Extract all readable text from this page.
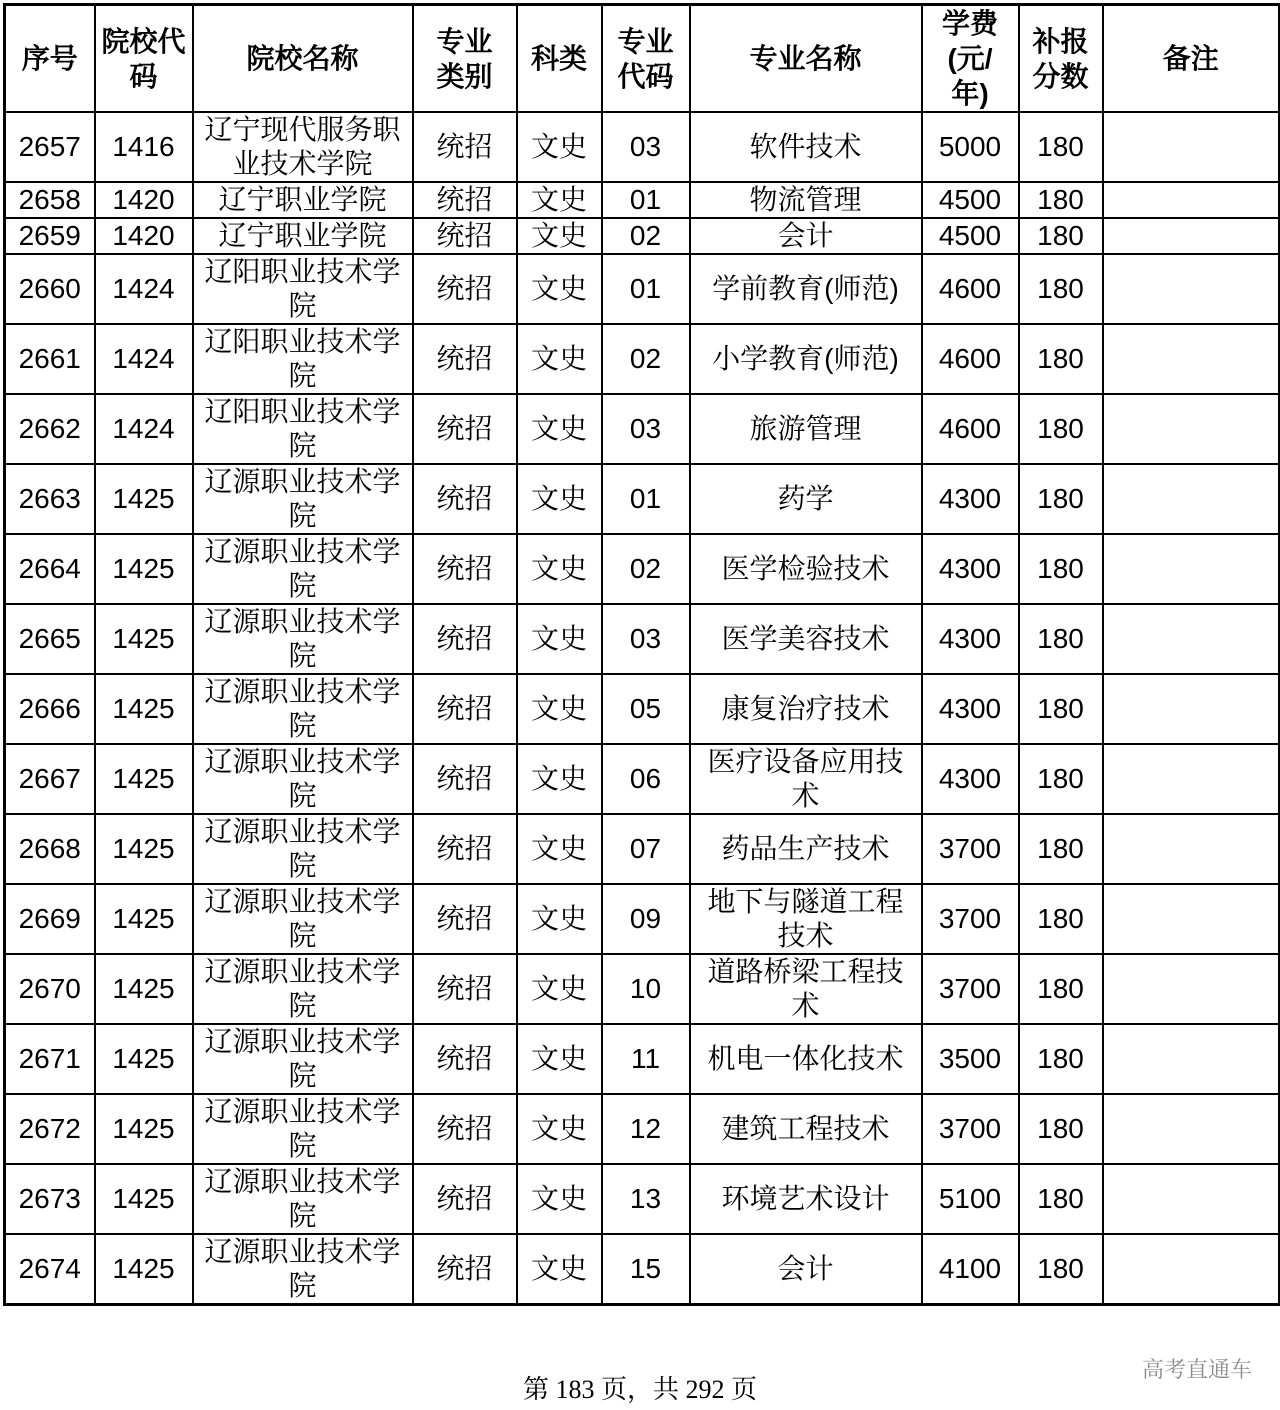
序号	院校代码	院校名称	专业类别	科类	专业代码	专业名称	学费(元/年)	补报分数	备注
2657	1416	辽宁现代服务职业技术学院	统招	文史	03	软件技术	5000	180	
2658	1420	辽宁职业学院	统招	文史	01	物流管理	4500	180	
2659	1420	辽宁职业学院	统招	文史	02	会计	4500	180	
2660	1424	辽阳职业技术学院	统招	文史	01	学前教育(师范)	4600	180	
2661	1424	辽阳职业技术学院	统招	文史	02	小学教育(师范)	4600	180	
2662	1424	辽阳职业技术学院	统招	文史	03	旅游管理	4600	180	
2663	1425	辽源职业技术学院	统招	文史	01	药学	4300	180	
2664	1425	辽源职业技术学院	统招	文史	02	医学检验技术	4300	180	
2665	1425	辽源职业技术学院	统招	文史	03	医学美容技术	4300	180	
2666	1425	辽源职业技术学院	统招	文史	05	康复治疗技术	4300	180	
2667	1425	辽源职业技术学院	统招	文史	06	医疗设备应用技术	4300	180	
2668	1425	辽源职业技术学院	统招	文史	07	药品生产技术	3700	180	
2669	1425	辽源职业技术学院	统招	文史	09	地下与隧道工程技术	3700	180	
2670	1425	辽源职业技术学院	统招	文史	10	道路桥梁工程技术	3700	180	
2671	1425	辽源职业技术学院	统招	文史	11	机电一体化技术	3500	180	
2672	1425	辽源职业技术学院	统招	文史	12	建筑工程技术	3700	180	
2673	1425	辽源职业技术学院	统招	文史	13	环境艺术设计	5100	180	
2674	1425	辽源职业技术学院	统招	文史	15	会计	4100	180	
高考直通车
第 183 页，共 292 页
